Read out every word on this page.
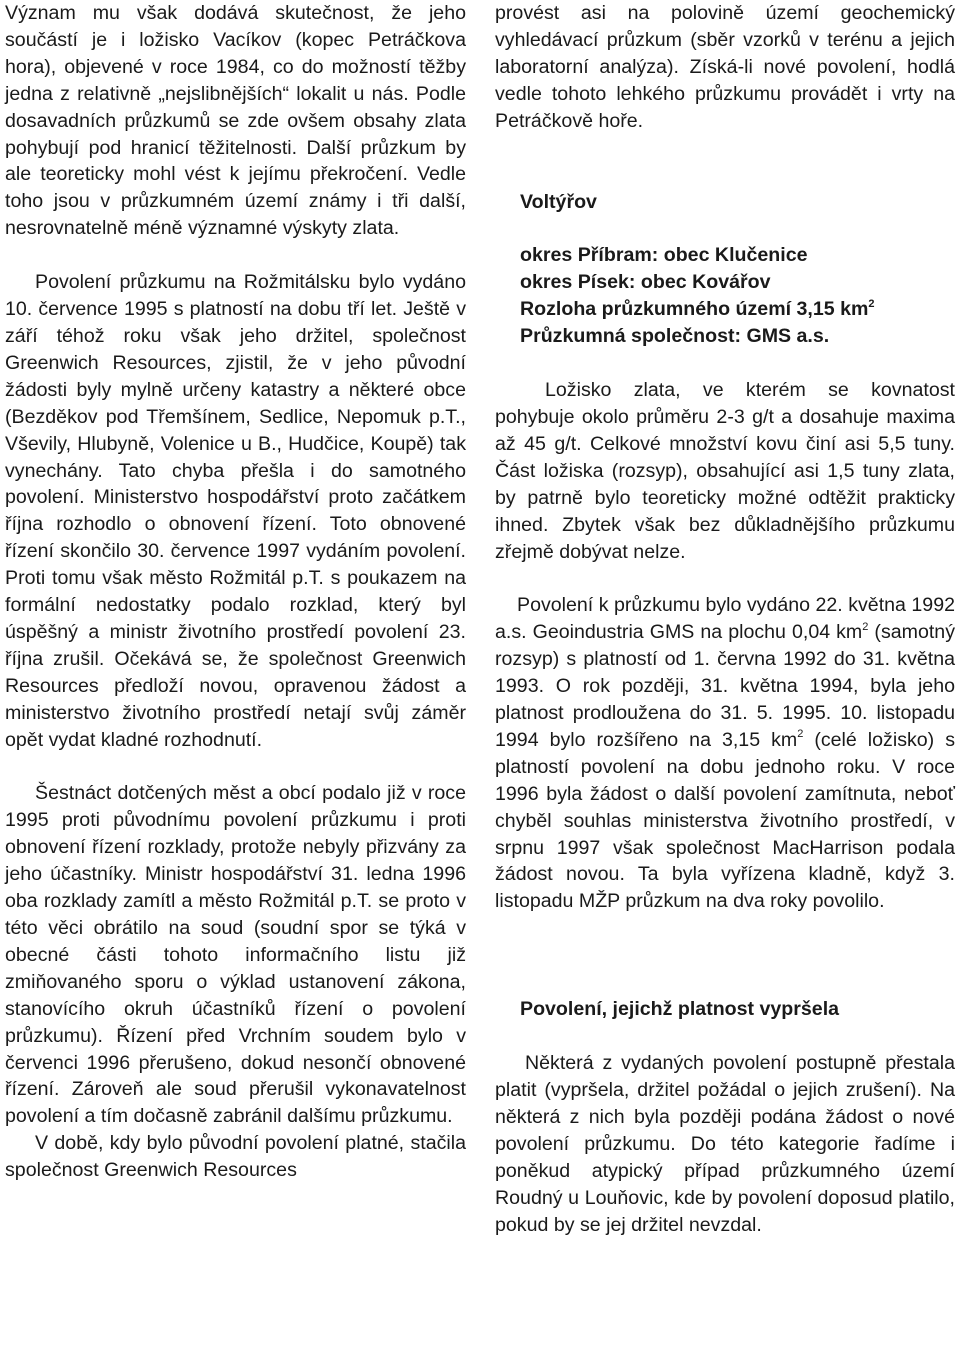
Význam mu však dodává skutečnost, že jeho součástí je i ložisko Vacíkov (kopec Petráčkova hora), objevené v roce 1984, co do možností těžby jedna z relativně „nejslibnějších“ lokalit u nás. Podle dosavadních průzkumů se zde ovšem obsahy zlata pohybují pod hranicí těžitelnosti. Další průzkum by ale teoreticky mohl vést k jejímu překročení. Vedle toho jsou v průzkumném území známy i tři další, nesrovnatelně méně významné výskyty zlata.

Povolení průzkumu na Rožmitálsku bylo vydáno 10. července 1995 s platností na dobu tří let. Ještě v září téhož roku však jeho držitel, společnost Greenwich Resources, zjistil, že v jeho původní žádosti byly mylně určeny katastry a některé obce (Bezděkov pod Třemšínem, Sedlice, Nepomuk p.T., Vševily, Hlubyně, Volenice u B., Hudčice, Koupě) tak vynechány. Tato chyba přešla i do samotného povolení. Ministerstvo hospodářství proto začátkem října rozhodlo o obnovení řízení. Toto obnovené řízení skončilo 30. července 1997 vydáním povolení. Proti tomu však město Rožmitál p.T. s poukazem na formální nedostatky podalo rozklad, který byl úspěšný a ministr životního prostředí povolení 23. října zrušil. Očekává se, že společnost Greenwich Resources předloží novou, opravenou žádost a ministerstvo životního prostředí netají svůj záměr opět vydat kladné rozhodnutí.

Šestnáct dotčených měst a obcí podalo již v roce 1995 proti původnímu povolení průzkumu i proti obnovení řízení rozklady, protože nebyly přizvány za jeho účastníky. Ministr hospodářství 31. ledna 1996 oba rozklady zamítl a město Rožmitál p.T. se proto v této věci obrátilo na soud (soudní spor se týká v obecné části tohoto informačního listu již zmiňovaného sporu o výklad ustanovení zákona, stanovícího okruh účastníků řízení o povolení průzkumu). Řízení před Vrchním soudem bylo v červenci 1996 přerušeno, dokud nesončí obnovené řízení. Zároveň ale soud přerušil vykonavatelnost povolení a tím dočasně zabránil dalšímu průzkumu.

V době, kdy bylo původní povolení platné, stačila společnost Greenwich Resources

provést asi na polovině území geochemický vyhledávací průzkum (sběr vzorků v terénu a jejich laboratorní analýza). Získá-li nové povolení, hodlá vedle tohoto lehkého průzkumu provádět i vrty na Petráčkově hoře.

Voltýřov

okres Příbram: obec Klučenice
okres Písek: obec Kovářov
Rozloha průzkumného území 3,15 $km^2$
Průzkumná společnost: GMS a.s.

Ložisko zlata, ve kterém se kovnatost pohybuje okolo průměru 2-3 g/t a dosahuje maxima až 45 g/t. Celkové množství kovu činí asi 5,5 tuny. Část ložiska (rozsyp), obsahující asi 1,5 tuny zlata, by patrně bylo teoreticky možné odtěžit prakticky ihned. Zbytek však bez důkladnějšího průzkumu zřejmě dobývat nelze.

Povolení k průzkumu bylo vydáno 22. května 1992 a.s. Geoindustria GMS na plochu 0,04 $km^2$ (samotný rozsyp) s platností od 1. června 1992 do 31. května 1993. O rok později, 31. května 1994, byla jeho platnost prodloužena do 31. 5. 1995. 10. listopadu 1994 bylo rozšířeno na 3,15 $km^2$ (celé ložisko) s platností povolení na dobu jednoho roku. V roce 1996 byla žádost o další povolení zamítnuta, neboť chyběl souhlas ministerstva životního prostředí, v srpnu 1997 však společnost MacHarrison podala žádost novou. Ta byla vyřízena kladně, když 3. listopadu MŽP průzkum na dva roky povolilo.

Povolení, jejichž platnost vypršela

Některá z vydaných povolení postupně přestala platit (vypršela, držitel požádal o jejich zrušení). Na některá z nich byla později podána žádost o nové povolení průzkumu. Do této kategorie řadíme i poněkud atypický případ průzkumného území Roudný u Louňovic, kde by povolení doposud platilo, pokud by se jej držitel nevzdal.
